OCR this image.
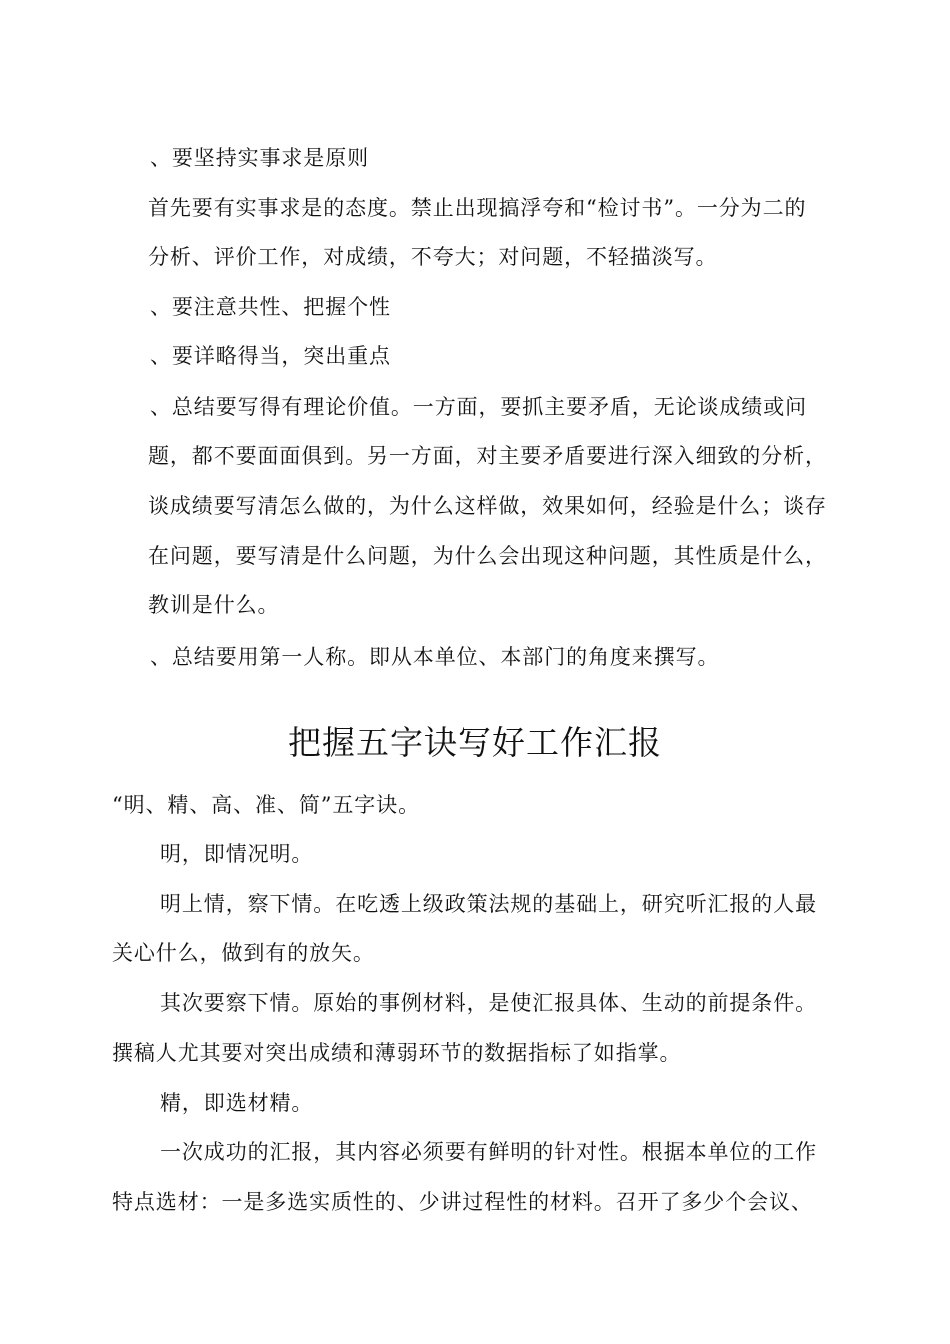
、要坚持实事求是原则
首先要有实事求是的态度。禁止出现搞浮夸和“检讨书”。一分为二的
分析、评价工作，对成绩，不夸大；对问题，不轻描淡写。
、要注意共性、把握个性
、要详略得当，突出重点
、总结要写得有理论价值。一方面，要抓主要矛盾，无论谈成绩或问
题，都不要面面俱到。另一方面，对主要矛盾要进行深入细致的分析，
谈成绩要写清怎么做的，为什么这样做，效果如何，经验是什么；谈存
在问题，要写清是什么问题，为什么会出现这种问题，其性质是什么，
教训是什么。
、总结要用第一人称。即从本单位、本部门的角度来撰写。
把握五字诀写好工作汇报
“明、精、高、准、简”五字诀。
明，即情况明。
明上情，察下情。在吃透上级政策法规的基础上，研究听汇报的人最
关心什么，做到有的放矢。
其次要察下情。原始的事例材料，是使汇报具体、生动的前提条件。
撰稿人尤其要对突出成绩和薄弱环节的数据指标了如指掌。
精，即选材精。
一次成功的汇报，其内容必须要有鲜明的针对性。根据本单位的工作
特点选材：一是多选实质性的、少讲过程性的材料。召开了多少个会议、
